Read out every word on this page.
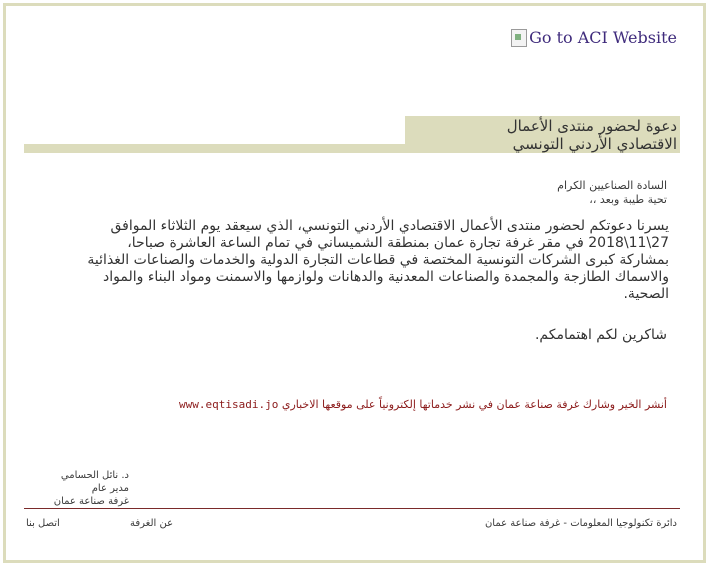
Go to ACI Website
دعوة لحضور منتدى الأعمال
الاقتصادي الأردني التونسي
السادة الصناعيين الكرام
تحية طيبة وبعد ،،
يسرنا دعوتكم لحضور منتدى الأعمال الاقتصادي الأردني التونسي، الذي سيعقد يوم الثلاثاء الموافق
27\11\2018 في مقر غرفة تجارة عمان بمنطقة الشميساني في تمام الساعة العاشرة صباحا،
بمشاركة كبرى الشركات التونسية المختصة في قطاعات التجارة الدولية والخدمات والصناعات الغذائية
والاسماك الطازجة والمجمدة والصناعات المعدنية والدهانات ولوازمها والاسمنت ومواد البناء والمواد
الصحية.
شاكرين لكم اهتمامكم.
أنشر الخير وشارك غرفة صناعة عمان في نشر خدماتها إلكترونياً على موقعها الاخباري www.eqtisadi.jo
د. نائل الحسامي
مدير عام
غرفة صناعة عمان
دائرة تكنولوجيا المعلومات - غرفة صناعة عمان
عن الغرفة
اتصل بنا
